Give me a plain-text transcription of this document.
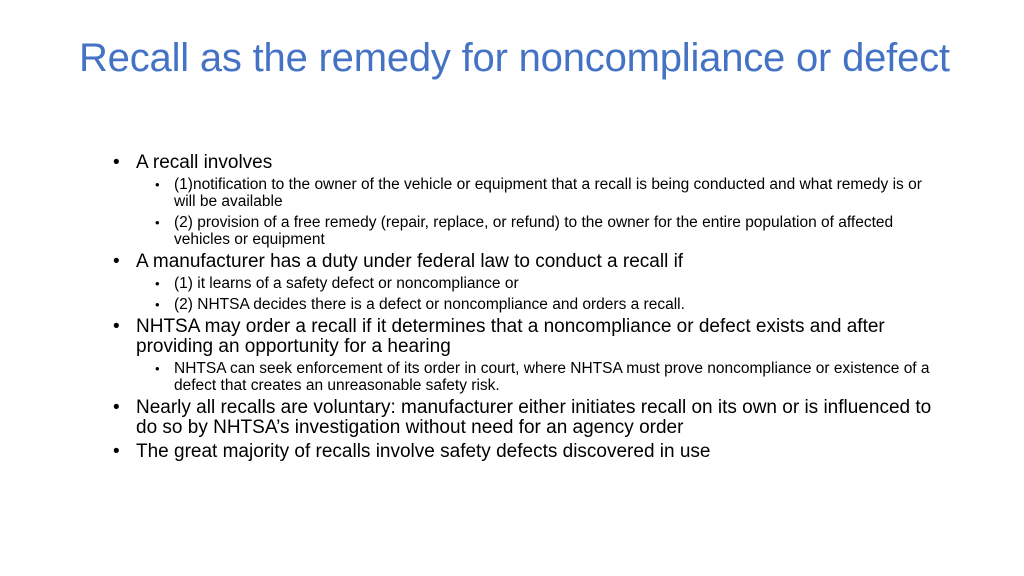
Recall as the remedy for noncompliance or defect
• A recall involves
• (1)notification to the owner of the vehicle or equipment that a recall is being conducted and what remedy is or will be available
• (2) provision of a free remedy (repair, replace, or refund) to the owner for the entire population of affected vehicles or equipment
• A manufacturer has a duty under federal law to conduct a recall if
• (1) it learns of a safety defect or noncompliance or
• (2) NHTSA decides there is a defect or noncompliance and orders a recall.
• NHTSA may order a recall if it determines that a noncompliance or defect exists and after providing an opportunity for a hearing
• NHTSA can seek enforcement of its order in court, where NHTSA must prove noncompliance or existence of a defect that creates an unreasonable safety risk.
• Nearly all recalls are voluntary: manufacturer either initiates recall on its own or is influenced to do so by NHTSA’s investigation without need for an agency order
• The great majority of recalls involve safety defects discovered in use
